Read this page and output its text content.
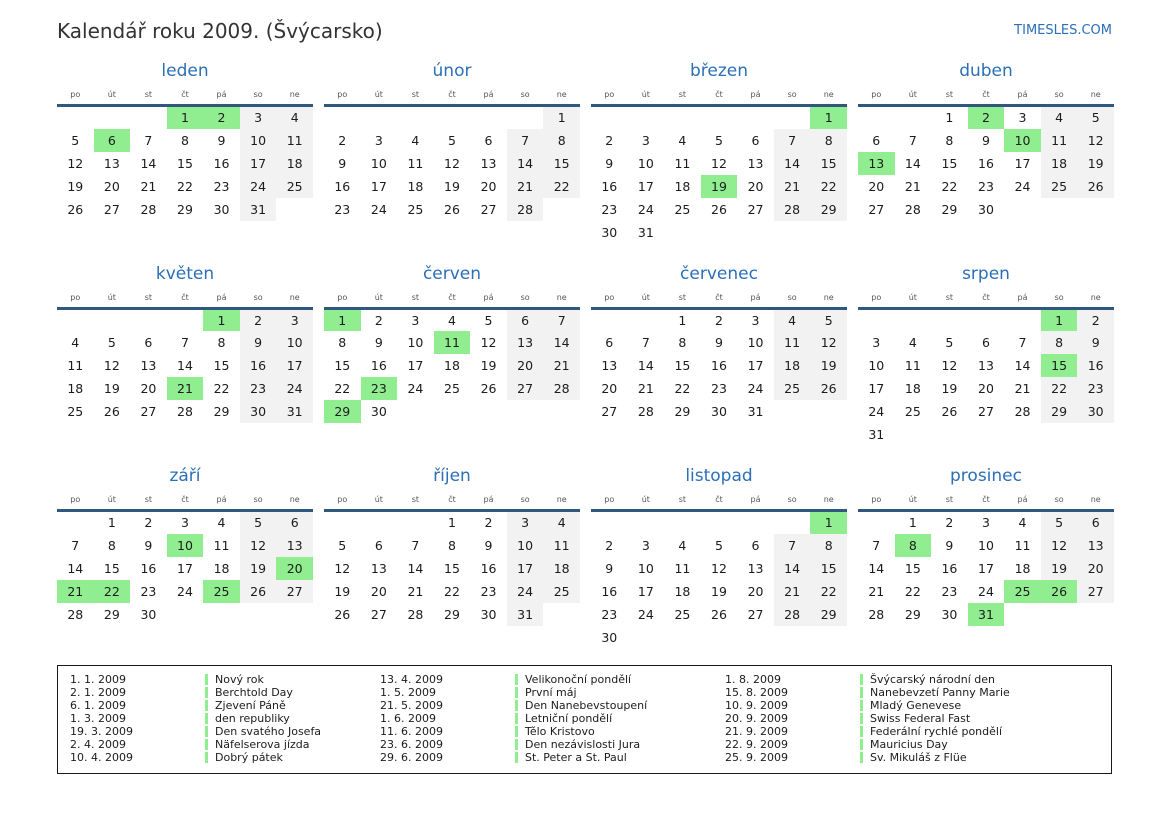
Kalendář roku 2009. (Švýcarsko)	TIMESLES.COM
leden
po	út	st	čt	pá	so	ne
			1	2	3	4
5	6	7	8	9	10	11
12	13	14	15	16	17	18
19	20	21	22	23	24	25
26	27	28	29	30	31	
únor
po	út	st	čt	pá	so	ne
						1
2	3	4	5	6	7	8
9	10	11	12	13	14	15
16	17	18	19	20	21	22
23	24	25	26	27	28	
březen
po	út	st	čt	pá	so	ne
						1
2	3	4	5	6	7	8
9	10	11	12	13	14	15
16	17	18	19	20	21	22
23	24	25	26	27	28	29
30	31					
duben
po	út	st	čt	pá	so	ne
		1	2	3	4	5
6	7	8	9	10	11	12
13	14	15	16	17	18	19
20	21	22	23	24	25	26
27	28	29	30			
květen
po	út	st	čt	pá	so	ne
				1	2	3
4	5	6	7	8	9	10
11	12	13	14	15	16	17
18	19	20	21	22	23	24
25	26	27	28	29	30	31
červen
po	út	st	čt	pá	so	ne
1	2	3	4	5	6	7
8	9	10	11	12	13	14
15	16	17	18	19	20	21
22	23	24	25	26	27	28
29	30					
červenec
po	út	st	čt	pá	so	ne
		1	2	3	4	5
6	7	8	9	10	11	12
13	14	15	16	17	18	19
20	21	22	23	24	25	26
27	28	29	30	31		
srpen
po	út	st	čt	pá	so	ne
					1	2
3	4	5	6	7	8	9
10	11	12	13	14	15	16
17	18	19	20	21	22	23
24	25	26	27	28	29	30
31						
září
po	út	st	čt	pá	so	ne
	1	2	3	4	5	6
7	8	9	10	11	12	13
14	15	16	17	18	19	20
21	22	23	24	25	26	27
28	29	30				
říjen
po	út	st	čt	pá	so	ne
			1	2	3	4
5	6	7	8	9	10	11
12	13	14	15	16	17	18
19	20	21	22	23	24	25
26	27	28	29	30	31	
listopad
po	út	st	čt	pá	so	ne
						1
2	3	4	5	6	7	8
9	10	11	12	13	14	15
16	17	18	19	20	21	22
23	24	25	26	27	28	29
30						
prosinec
po	út	st	čt	pá	so	ne
	1	2	3	4	5	6
7	8	9	10	11	12	13
14	15	16	17	18	19	20
21	22	23	24	25	26	27
28	29	30	31			
1. 1. 2009	Nový rok
2. 1. 2009	Berchtold Day
6. 1. 2009	Zjevení Páně
1. 3. 2009	den republiky
19. 3. 2009	Den svatého Josefa
2. 4. 2009	Näfelserova jízda
10. 4. 2009	Dobrý pátek
13. 4. 2009	Velikonoční pondělí
1. 5. 2009	První máj
21. 5. 2009	Den Nanebevstoupení
1. 6. 2009	Letniční pondělí
11. 6. 2009	Tělo Kristovo
23. 6. 2009	Den nezávislosti Jura
29. 6. 2009	St. Peter a St. Paul
1. 8. 2009	Švýcarský národní den
15. 8. 2009	Nanebevzetí Panny Marie
10. 9. 2009	Mladý Genevese
20. 9. 2009	Swiss Federal Fast
21. 9. 2009	Federální rychlé pondělí
22. 9. 2009	Mauricius Day
25. 9. 2009	Sv. Mikuláš z Flüe
